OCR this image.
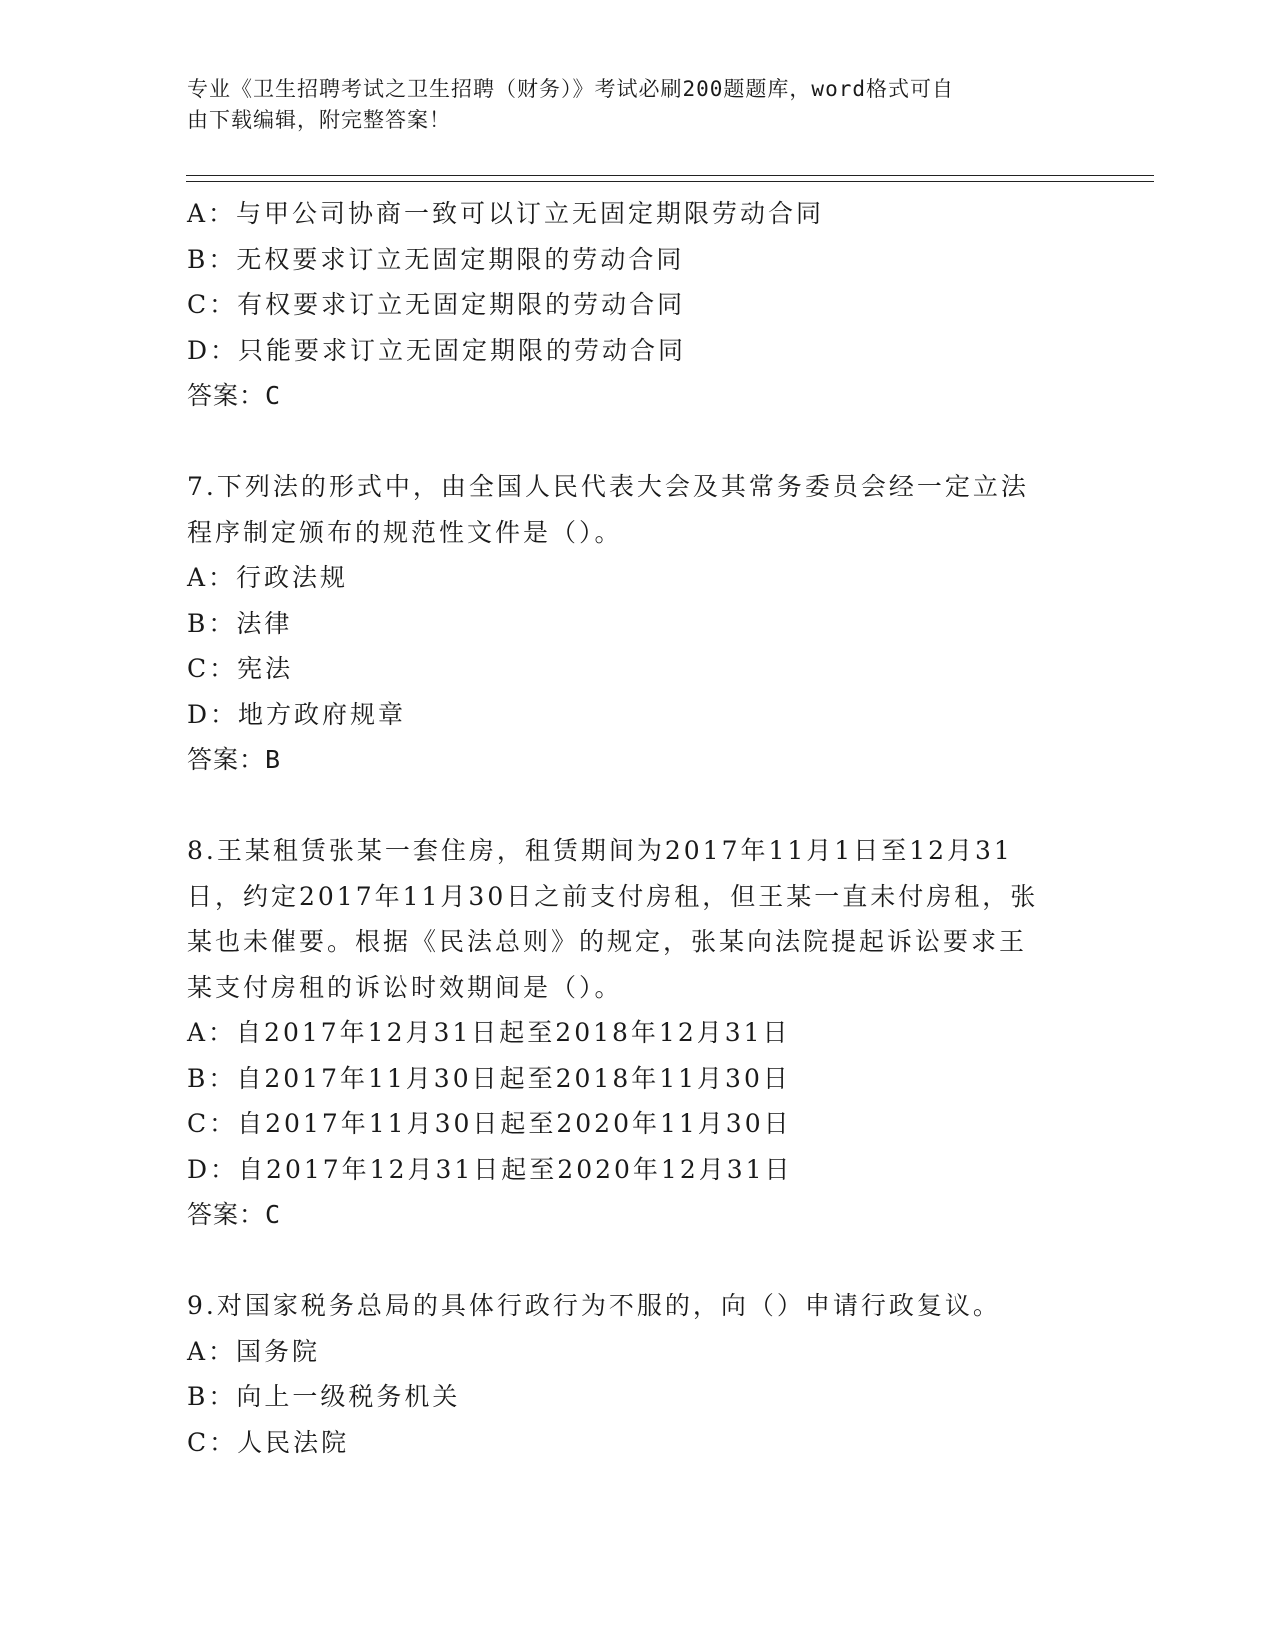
专业《卫生招聘考试之卫生招聘（财务）》考试必刷200题题库，word格式可自
由下载编辑，附完整答案！
A：与甲公司协商一致可以订立无固定期限劳动合同
B：无权要求订立无固定期限的劳动合同
C：有权要求订立无固定期限的劳动合同
D：只能要求订立无固定期限的劳动合同
答案：C
7.下列法的形式中，由全国人民代表大会及其常务委员会经一定立法
程序制定颁布的规范性文件是（）。
A：行政法规
B：法律
C：宪法
D：地方政府规章
答案：B
8.王某租赁张某一套住房，租赁期间为2017年11月1日至12月31
日，约定2017年11月30日之前支付房租，但王某一直未付房租，张
某也未催要。根据《民法总则》的规定，张某向法院提起诉讼要求王
某支付房租的诉讼时效期间是（）。
A：自2017年12月31日起至2018年12月31日
B：自2017年11月30日起至2018年11月30日
C：自2017年11月30日起至2020年11月30日
D：自2017年12月31日起至2020年12月31日
答案：C
9.对国家税务总局的具体行政行为不服的，向（）申请行政复议。
A：国务院
B：向上一级税务机关
C：人民法院
